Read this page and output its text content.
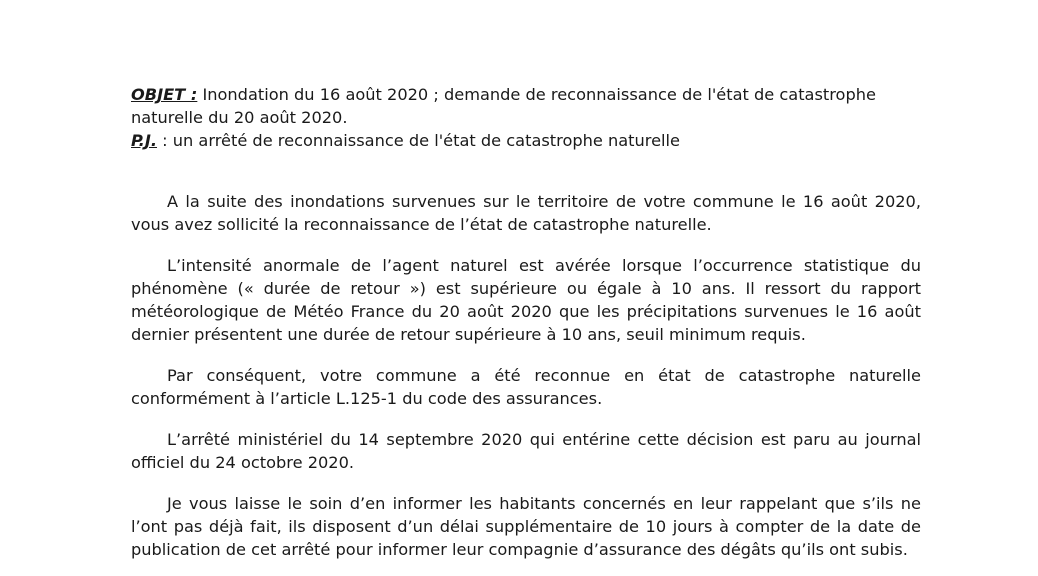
OBJET : Inondation du 16 août 2020 ; demande de reconnaissance de l'état de catastrophe naturelle du 20 août 2020.

P.J. : un arrêté de reconnaissance de l'état de catastrophe naturelle

A la suite des inondations survenues sur le territoire de votre commune le 16 août 2020, vous avez sollicité la reconnaissance de l’état de catastrophe naturelle.

L’intensité anormale de l’agent naturel est avérée lorsque l’occurrence statistique du phénomène (« durée de retour ») est supérieure ou égale à 10 ans. Il ressort du rapport météorologique de Météo France du 20 août 2020 que les précipitations survenues le 16 août dernier présentent une durée de retour supérieure à 10 ans, seuil minimum requis.

Par conséquent, votre commune a été reconnue en état de catastrophe naturelle conformément à l’article L.125-1 du code des assurances.

L’arrêté ministériel du 14 septembre 2020 qui entérine cette décision est paru au journal officiel du 24 octobre 2020.

Je vous laisse le soin d’en informer les habitants concernés en leur rappelant que s’ils ne l’ont pas déjà fait, ils disposent d’un délai supplémentaire de 10 jours à compter de la date de publication de cet arrêté pour informer leur compagnie d’assurance des dégâts qu’ils ont subis.
